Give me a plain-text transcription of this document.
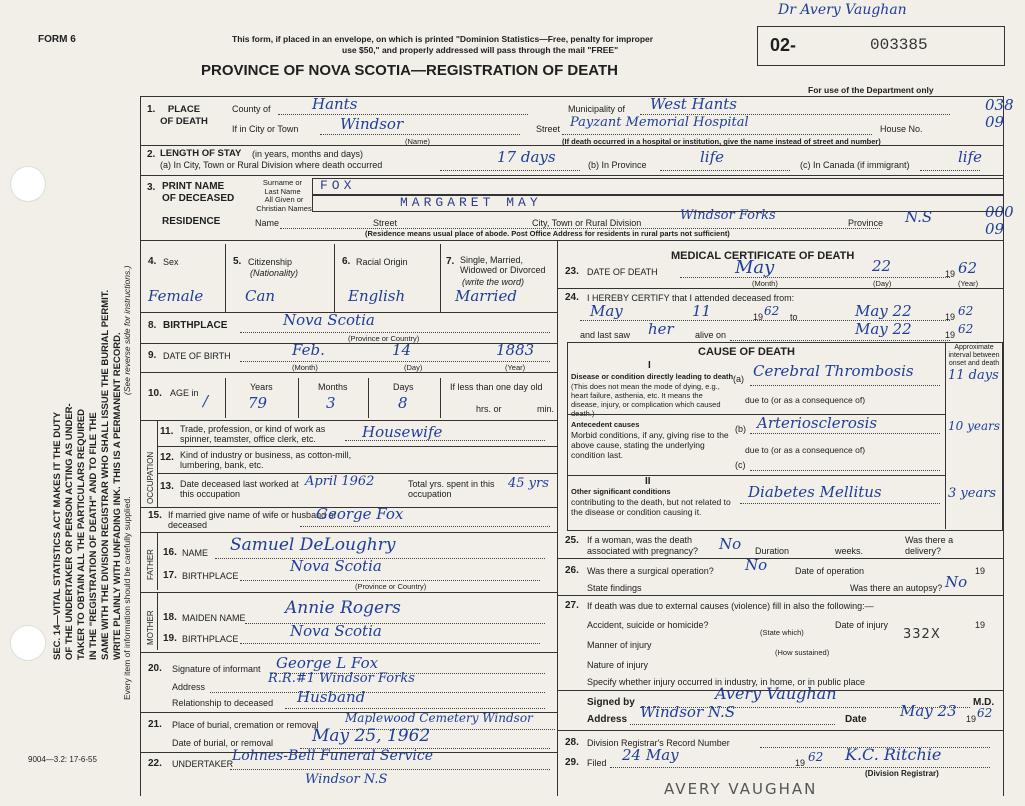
SEC. 14—VITAL STATISTICS ACT MAKES IT THE DUTY OF THE UNDERTAKER OR PERSON ACTING AS UNDER- TAKER TO OBTAIN ALL THE PARTICULARS REQUIRED IN THE "REGISTRATION OF DEATH" AND TO FILE THE SAME WITH THE DIVISION REGISTRAR WHO SHALL ISSUE THE BURIAL PERMIT. WRITE PLAINLY WITH UNFADING INK. THIS IS A PERMANENT RECORD. Every item of information should be carefully supplied.
(See reverse side for instructions.)
FORM 6
9004—3.2: 17-6-55
This form, if placed in an envelope, on which is printed "Dominion Statistics—Free, penalty for improper
use $50," and properly addressed will pass through the mail "FREE"
PROVINCE OF NOVA SCOTIA—REGISTRATION OF DEATH
02-	003385
Dr Avery Vaughan
For use of the Department only
038
09
000
09
1.	PLACE OF DEATH
County of	Hants	Municipality of West Hants
If in City or Town	Windsor
(Name)
Street Payzant Memorial Hospital	House No.
(If death occurred in a hospital or institution, give the name instead of street and number)
2. LENGTH OF STAY (in years, months and days)
(a) In City, Town or Rural Division where death occurred	17 days	(b) In Province	life	(c) In Canada (if immigrant)	life
3. PRINT NAME
OF DECEASED
Surname or Last Name
All Given or Christian Names
FOX
MARGARET MAY
RESIDENCE	Name	Street	City, Town or Rural Division	Windsor Forks	Province N.S
(Residence means usual place of abode. Post Office Address for residents in rural parts not sufficient)
4. Sex
Female
5. Citizenship
(Nationality)
Can
6. Racial Origin
English
7. Single, Married, Widowed or Divorced
(write the word)
Married
8. BIRTHPLACE	Nova Scotia
(Province or Country)
9. DATE OF BIRTH	Feb.	14	1883
(Month)	(Day)	(Year)
10. AGE in /
Years	Months	Days
79	3	8
If less than one day old
hrs. or	min.
OCCUPATION
11. Trade, profession, or kind of work as spinner, teamster, office clerk, etc.	Housewife
12. Kind of industry or business, as cotton-mill, lumbering, bank, etc.
13. Date deceased last worked at this occupation
April 1962	Total yrs. spent in this occupation
45 yrs
15. If married give name of wife or husband of deceased
George Fox
FATHER 16. NAME Samuel DeLoughry
17. BIRTHPLACE
Nova Scotia
(Province or Country)
MOTHER 18. MAIDEN NAME Annie Rogers
19. BIRTHPLACE	Nova Scotia
20. Signature of informant George L Fox
Address
R.R.#1 Windsor Forks
Relationship to deceased Husband
21. Place of burial, cremation or removal Maplewood Cemetery Windsor
Date of burial, or removal May 25, 1962
22. UNDERTAKER
Lohnes-Bell Funeral Service
Windsor N.S
MEDICAL CERTIFICATE OF DEATH
23. DATE OF DEATH	May	22	19 62
(Month)	(Day)	(Year)
24. I HEREBY CERTIFY that I attended deceased from:
May	11	19 62 to	May 22	19 62
and last saw her alive on	May 22	19 62
CAUSE OF DEATH	Approximate interval between onset and death
I
Disease or condition directly leading to death
(This does not mean the mode of dying, e.g., heart failure, asthenia, etc. It means the disease, injury, or complication which caused death.)
(a) Cerebral Thrombosis	11 days
due to (or as a consequence of)
Antecedent causes
Morbid conditions, if any, giving rise to the above cause, stating the underlying condition last.
(b) Arteriosclerosis	10 years
due to (or as a consequence of)
(c)
II
Other significant conditions
contributing to the death, but not related to the disease or condition causing it.
Diabetes Mellitus	3 years
25. If a woman, was the death associated with pregnancy?	No Duration	weeks.
Was there a delivery?
26. Was there a surgical operation? No	Date of operation	19
State findings	Was there an autopsy? No
27. If death was due to external causes (violence) fill in also the following:—
Accident, suicide or homicide?
(State which)
Date of injury	19
Manner of injury
332X
(How sustained)
Nature of injury
Specify whether injury occurred in industry, in home, or in public place
Signed by	Avery Vaughan	M.D.
Address Windsor N.S	Date May 23 19 62
28. Division Registrar's Record Number
29. Filed 24 May	19 62 K.C. Ritchie
(Division Registrar)
AVERY VAUGHAN
